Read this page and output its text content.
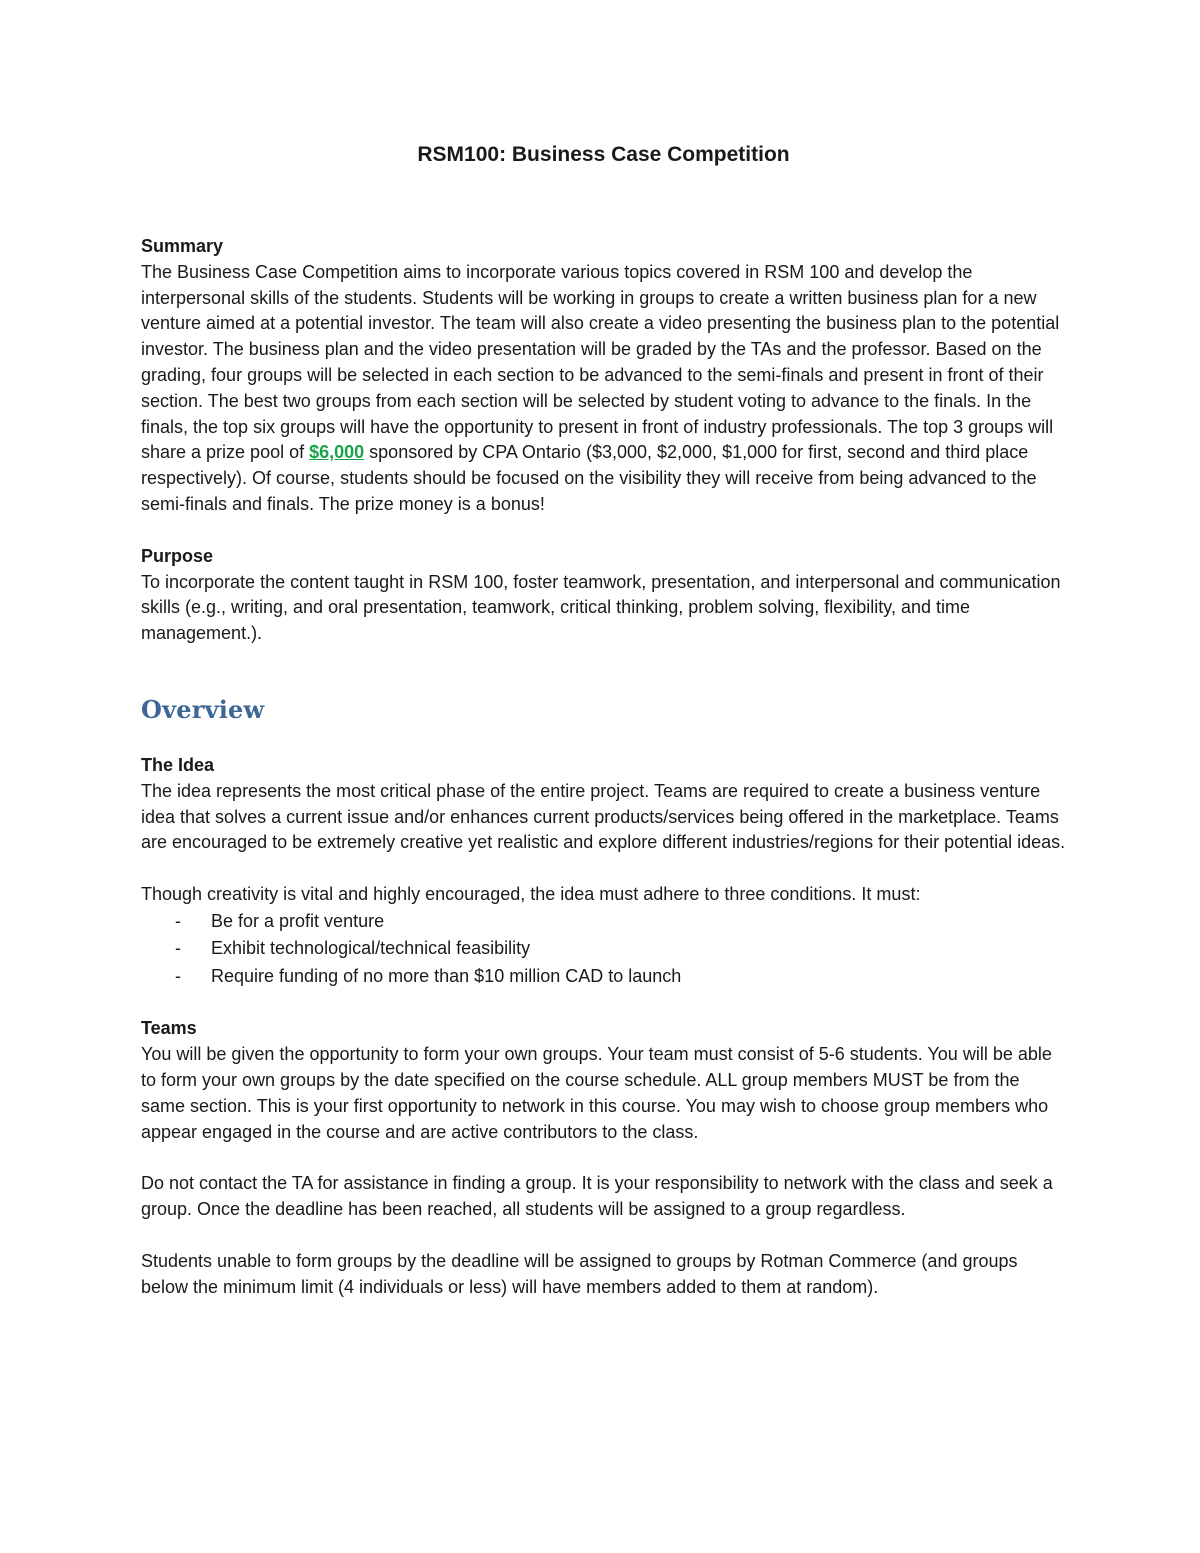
RSM100: Business Case Competition
Summary

The Business Case Competition aims to incorporate various topics covered in RSM 100 and develop the interpersonal skills of the students. Students will be working in groups to create a written business plan for a new venture aimed at a potential investor. The team will also create a video presenting the business plan to the potential investor. The business plan and the video presentation will be graded by the TAs and the professor. Based on the grading, four groups will be selected in each section to be advanced to the semi-finals and present in front of their section. The best two groups from each section will be selected by student voting to advance to the finals. In the finals, the top six groups will have the opportunity to present in front of industry professionals. The top 3 groups will share a prize pool of $6,000 sponsored by CPA Ontario ($3,000, $2,000, $1,000 for first, second and third place respectively). Of course, students should be focused on the visibility they will receive from being advanced to the semi-finals and finals. The prize money is a bonus!

Purpose

To incorporate the content taught in RSM 100, foster teamwork, presentation, and interpersonal and communication skills (e.g., writing, and oral presentation, teamwork, critical thinking, problem solving, flexibility, and time management.).

Overview
The Idea

The idea represents the most critical phase of the entire project. Teams are required to create a business venture idea that solves a current issue and/or enhances current products/services being offered in the marketplace. Teams are encouraged to be extremely creative yet realistic and explore different industries/regions for their potential ideas.

Though creativity is vital and highly encouraged, the idea must adhere to three conditions. It must:

- Be for a profit venture
- Exhibit technological/technical feasibility
- Require funding of no more than $10 million CAD to launch
Teams

You will be given the opportunity to form your own groups. Your team must consist of 5-6 students. You will be able to form your own groups by the date specified on the course schedule. ALL group members MUST be from the same section. This is your first opportunity to network in this course. You may wish to choose group members who appear engaged in the course and are active contributors to the class.

Do not contact the TA for assistance in finding a group. It is your responsibility to network with the class and seek a group. Once the deadline has been reached, all students will be assigned to a group regardless.

Students unable to form groups by the deadline will be assigned to groups by Rotman Commerce (and groups below the minimum limit (4 individuals or less) will have members added to them at random).
